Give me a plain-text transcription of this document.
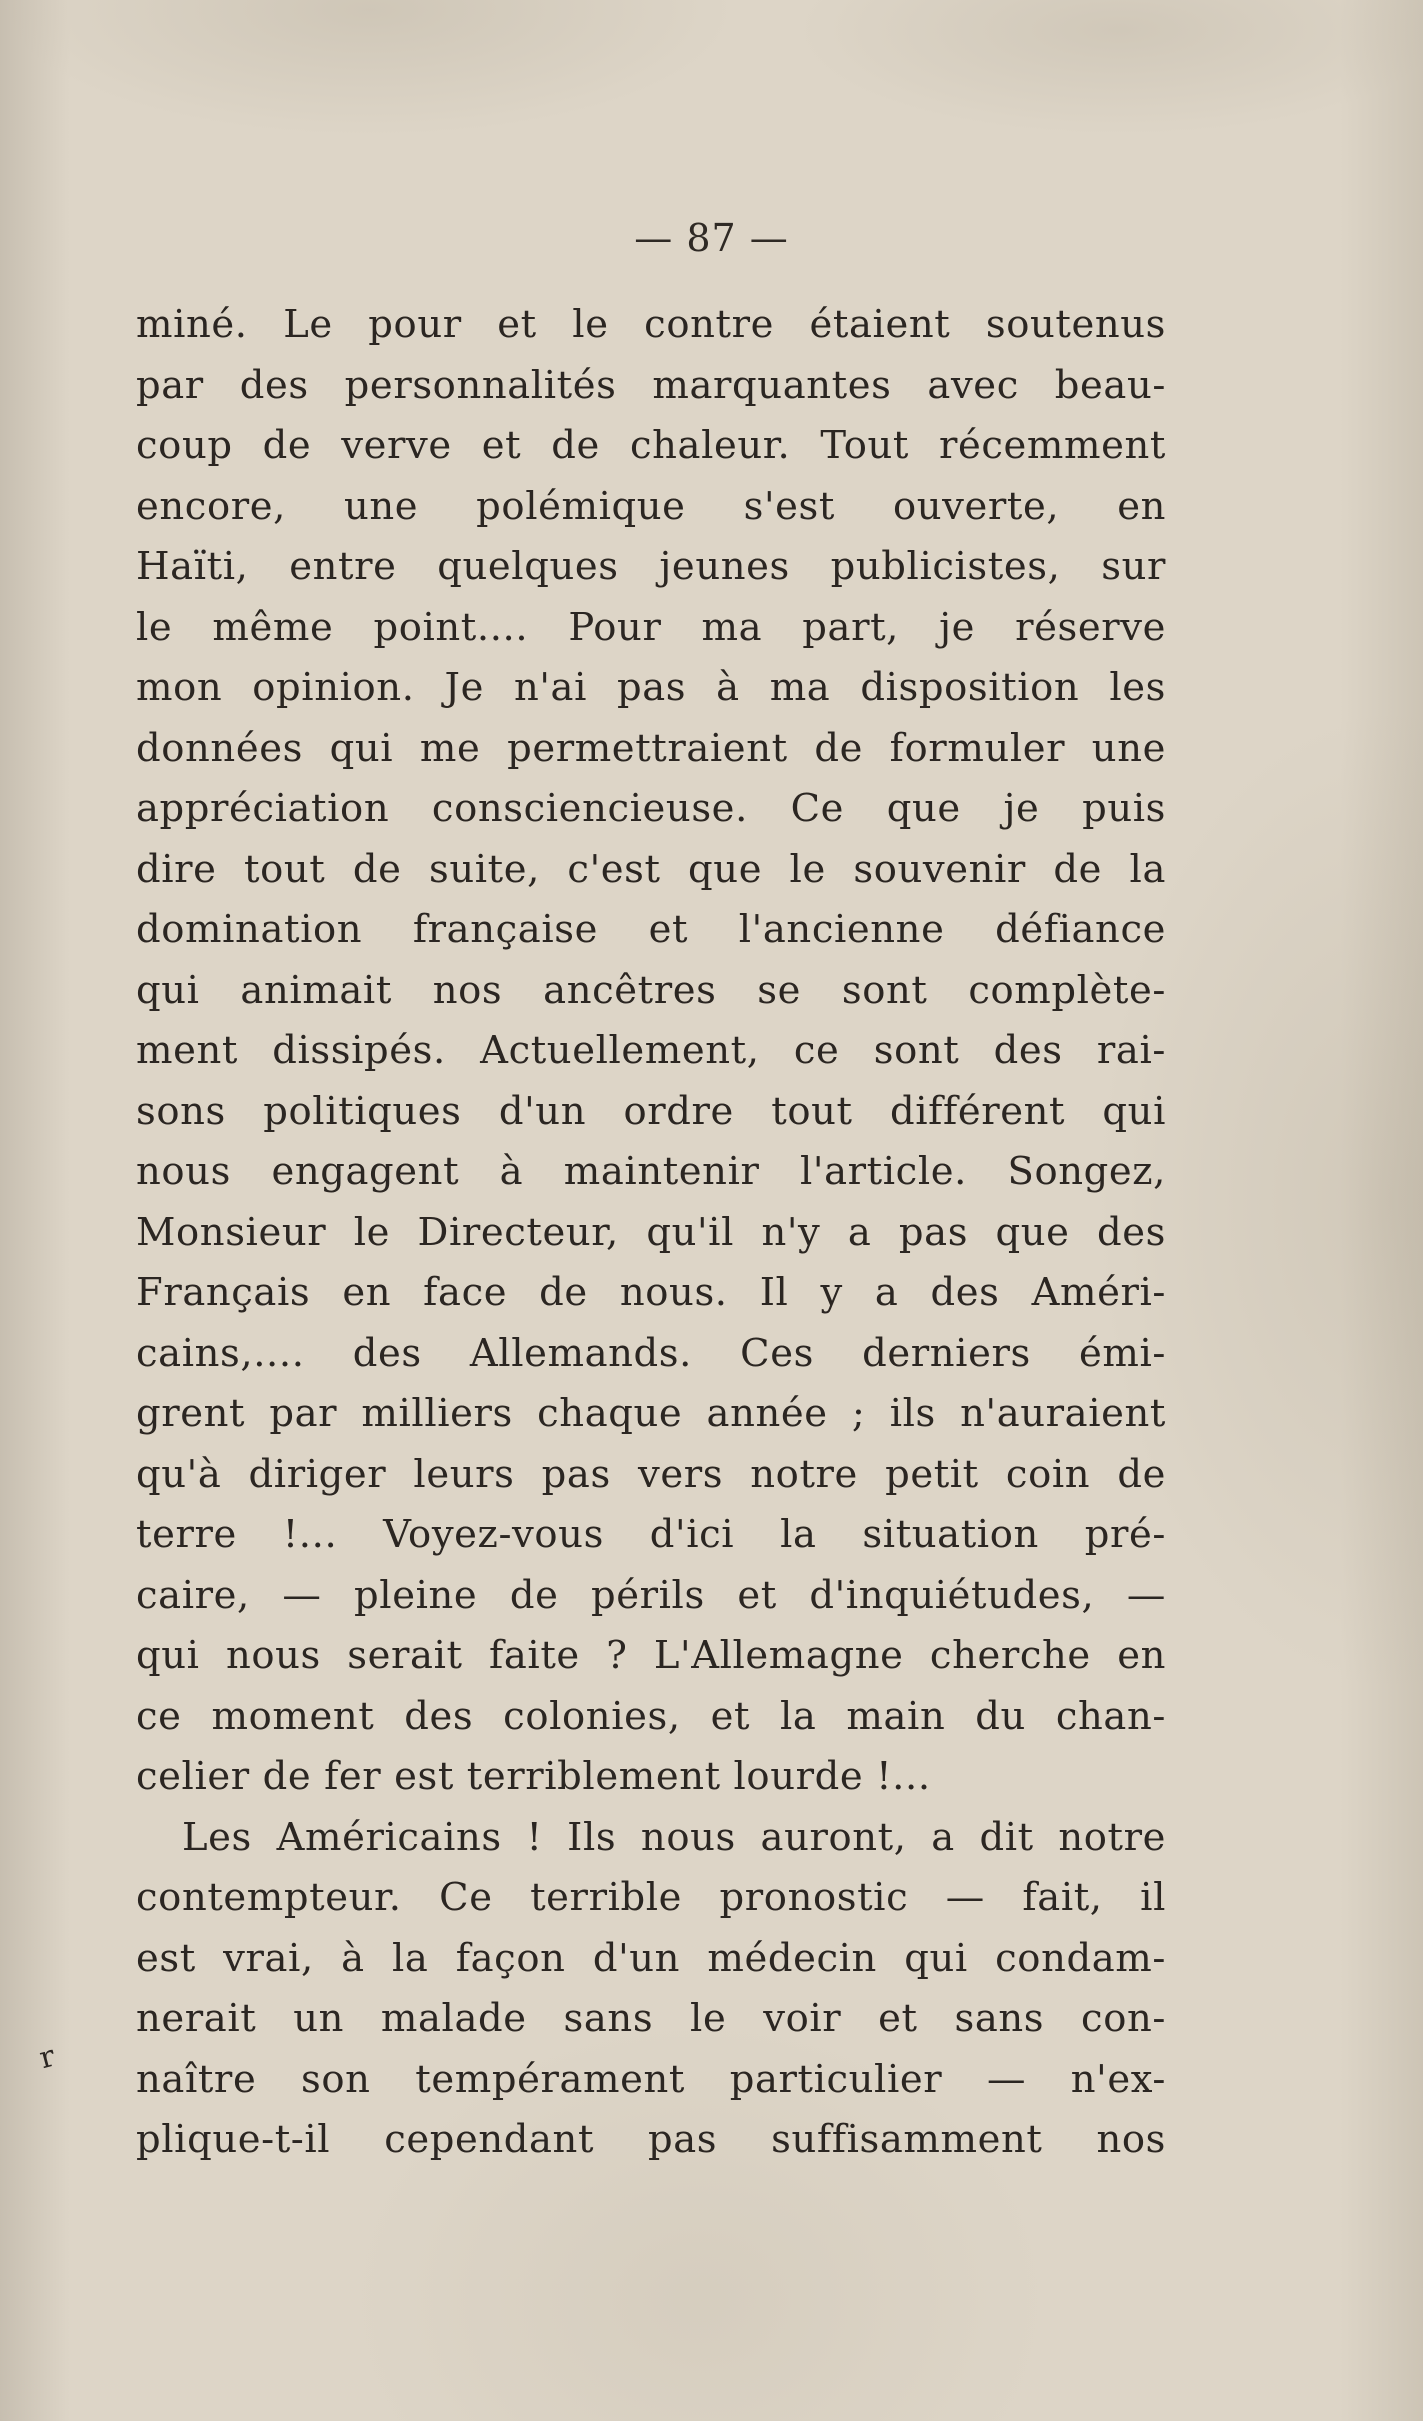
— 87 —
miné. Le pour et le contre étaient soutenus
par des personnalités marquantes avec beau-
coup de verve et de chaleur. Tout récemment
encore, une polémique s'est ouverte, en
Haïti, entre quelques jeunes publicistes, sur
le même point.... Pour ma part, je réserve
mon opinion. Je n'ai pas à ma disposition les
données qui me permettraient de formuler une
appréciation consciencieuse. Ce que je puis
dire tout de suite, c'est que le souvenir de la
domination française et l'ancienne défiance
qui animait nos ancêtres se sont complète-
ment dissipés. Actuellement, ce sont des rai-
sons politiques d'un ordre tout différent qui
nous engagent à maintenir l'article. Songez,
Monsieur le Directeur, qu'il n'y a pas que des
Français en face de nous. Il y a des Améri-
cains,.... des Allemands. Ces derniers émi-
grent par milliers chaque année ; ils n'auraient
qu'à diriger leurs pas vers notre petit coin de
terre !... Voyez-vous d'ici la situation pré-
caire, — pleine de périls et d'inquiétudes, —
qui nous serait faite ? L'Allemagne cherche en
ce moment des colonies, et la main du chan-
celier de fer est terriblement lourde !...
Les Américains ! Ils nous auront, a dit notre
contempteur. Ce terrible pronostic — fait, il
est vrai, à la façon d'un médecin qui condam-
nerait un malade sans le voir et sans con-
naître son tempérament particulier — n'ex-
plique-t-il cependant pas suffisamment nos
r
